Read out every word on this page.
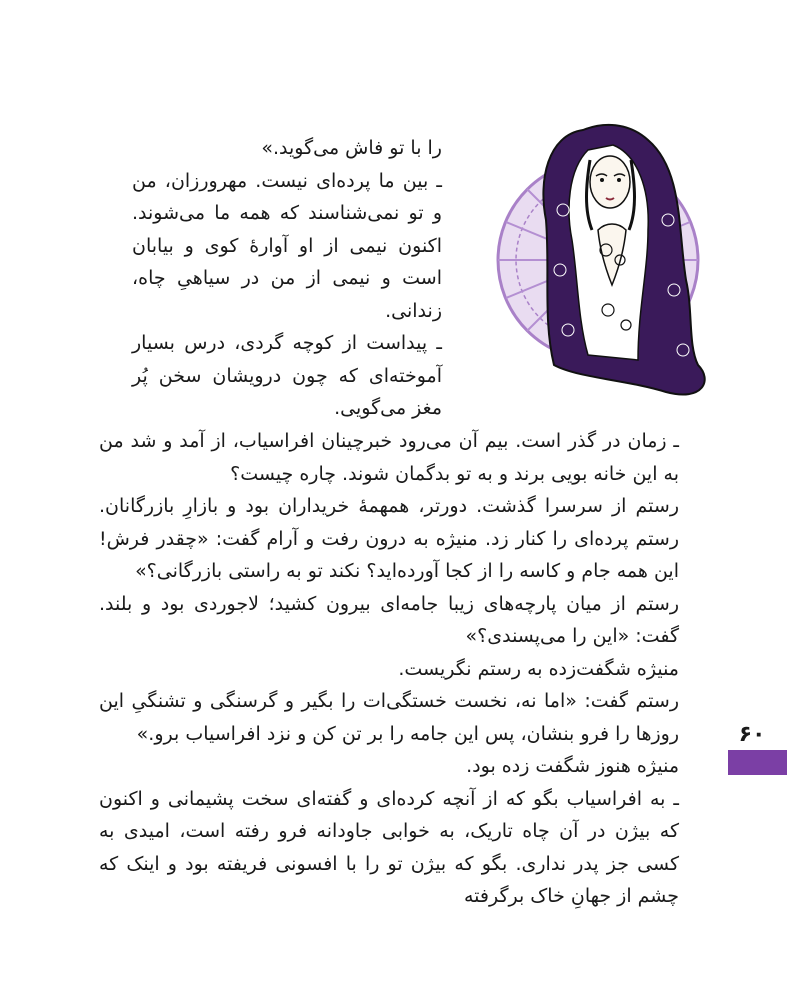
را با تو فاش می‌گوید.»

ـ بین ما پرده‌ای نیست. مهرورزان، من و تو نمی‌شناسند که همه ما می‌شوند. اکنون نیمی از او آوارهٔ کوی و بیابان است و نیمی از من در سیاهیِ چاه، زندانی.

ـ پیداست از کوچه گردی، درس بسیار آموخته‌ای که چون درویشان سخن پُر مغز می‌گویی.

ـ زمان در گذر است. بیم آن می‌رود خبرچینان افراسیاب، از آمد و شد من به این خانه بویی برند و به تو بدگمان شوند. چاره چیست؟

رستم از سرسرا گذشت. دورتر، همهمهٔ خریداران بود و بازارِ بازرگانان. رستم پرده‌ای را کنار زد. منیژه به درون رفت و آرام گفت: «چقدر فرش! این همه جام و کاسه را از کجا آورده‌اید؟ نکند تو به راستی بازرگانی؟»

رستم از میان پارچه‌های زیبا جامه‌ای بیرون کشید؛ لاجوردی بود و بلند. گفت: «این را می‌پسندی؟»

منیژه شگفت‌زده به رستم نگریست.

رستم گفت: «اما نه، نخست خستگی‌ات را بگیر و گرسنگی و تشنگیِ این روزها را فرو بنشان، پس این جامه را بر تن کن و نزد افراسیاب برو.»

منیژه هنوز شگفت زده بود.

ـ به افراسیاب بگو که از آنچه کرده‌ای و گفته‌ای سخت پشیمانی و اکنون که بیژن در آن چاه تاریک، به خوابی جاودانه فرو رفته است، امیدی به کسی جز پدر نداری. بگو که بیژن تو را با افسونی فریفته بود و اینک که چشم از جهانِ خاک برگرفته

۶۰
